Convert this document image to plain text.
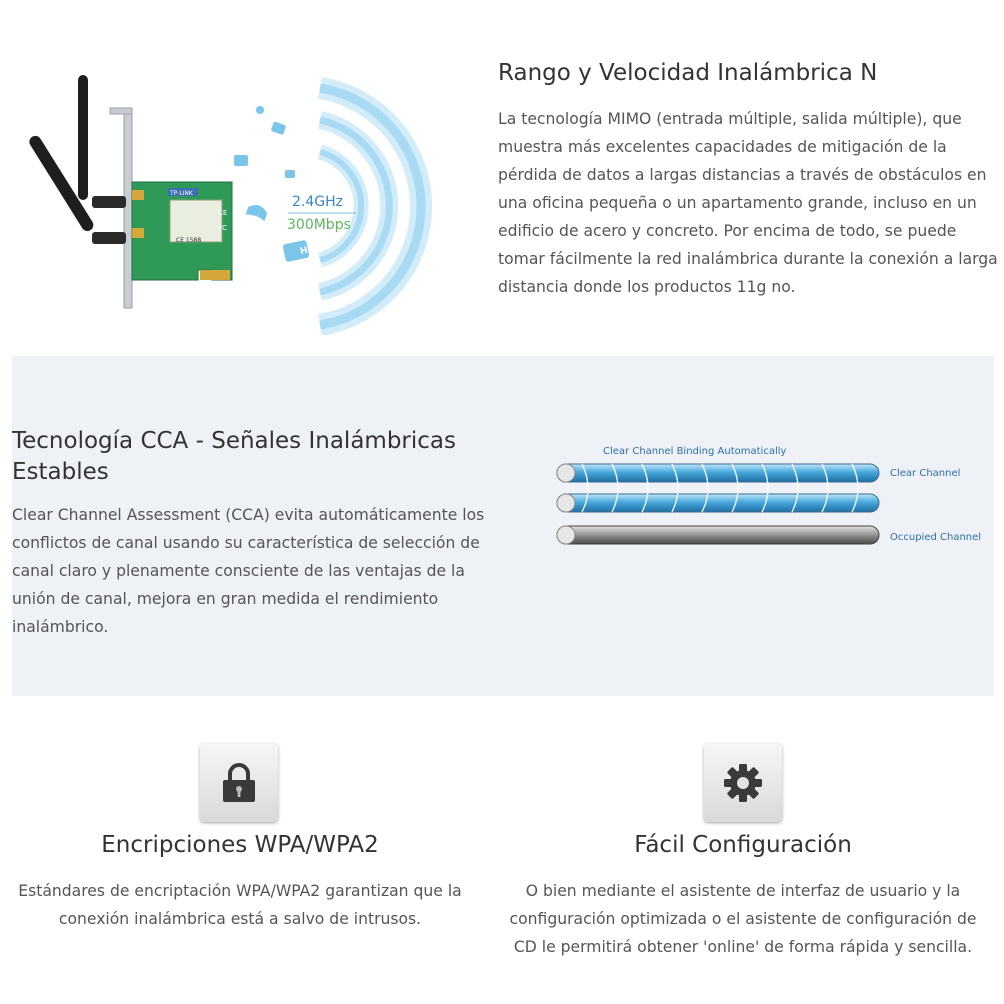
HD
2.4GHz
300Mbps
CE 1588
TP-LINK
CE
FC
Rango y Velocidad Inalámbrica N
La tecnología MIMO (entrada múltiple, salida múltiple), que muestra más excelentes capacidades de mitigación de la pérdida de datos a largas distancias a través de obstáculos en una oficina pequeña o un apartamento grande, incluso en un edificio de acero y concreto. Por encima de todo, se puede tomar fácilmente la red inalámbrica durante la conexión a larga distancia donde los productos 11g no.
Tecnología CCA - Señales Inalámbricas Estables
Clear Channel Assessment (CCA) evita automáticamente los conflictos de canal usando su característica de selección de canal claro y plenamente consciente de las ventajas de la unión de canal, mejora en gran medida el rendimiento inalámbrico.
Clear Channel Binding Automatically
Clear Channel
Occupied Channel
Encripciones WPA/WPA2
Estándares de encriptación WPA/WPA2 garantizan que la conexión inalámbrica está a salvo de intrusos.
Fácil Configuración
O bien mediante el asistente de interfaz de usuario y la configuración optimizada o el asistente de configuración de CD le permitirá obtener 'online' de forma rápida y sencilla.
